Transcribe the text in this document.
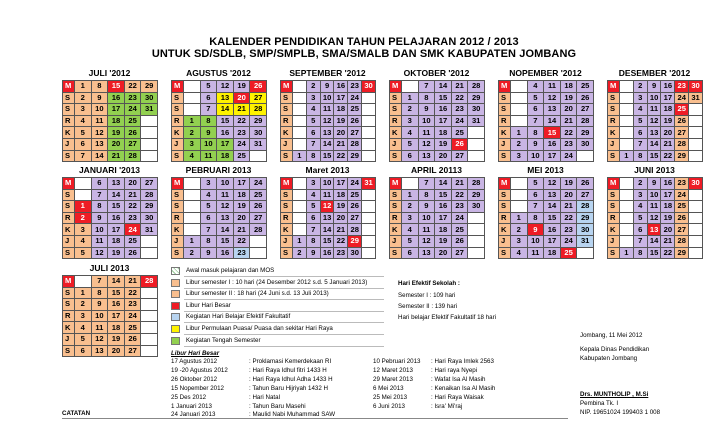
KALENDER PENDIDIKAN TAHUN PELAJARAN 2012 / 2013
UNTUK SD/SDLB, SMP/SMPLB, SMA/SMALB DAN SMK KABUPATEN JOMBANG
JULI '2012
M	1	8	15	22	29
S	2	9	16	23	30
S	3	10	17	24	31
R	4	11	18	25	
K	5	12	19	26	
J	6	13	20	27	
S	7	14	21	28	
AGUSTUS '2012
M		5	12	19	26
S		6	13	20	27
S		7	14	21	28
R	1	8	15	22	29
K	2	9	16	23	30
J	3	10	17	24	31
S	4	11	18	25	
SEPTEMBER '2012
M		2	9	16	23	30
S		3	10	17	24	
S		4	11	18	25	
R		5	12	19	26	
K		6	13	20	27	
J		7	14	21	28	
S	1	8	15	22	29	
OKTOBER '2012
M		7	14	21	28
S	1	8	15	22	29
S	2	9	16	23	30
R	3	10	17	24	31
K	4	11	18	25	
J	5	12	19	26	
S	6	13	20	27	
NOPEMBER '2012
M		4	11	18	25
S		5	12	19	26
S		6	13	20	27
R		7	14	21	28
K	1	8	15	22	29
J	2	9	16	23	30
S	3	10	17	24	
DESEMBER '2012
M		2	9	16	23	30
S		3	10	17	24	31
S		4	11	18	25	
R		5	12	19	26	
K		6	13	20	27	
J		7	14	21	28	
S	1	8	15	22	29	
JANUARI '2013
M		6	13	20	27
S		7	14	21	28
S	1	8	15	22	29
R	2	9	16	23	30
K	3	10	17	24	31
J	4	11	18	25	
S	5	12	19	26	
PEBRUARI 2013
M		3	10	17	24
S		4	11	18	25
S		5	12	19	26
R		6	13	20	27
K		7	14	21	28
J	1	8	15	22	
S	2	9	16	23	
Maret 2013
M		3	10	17	24	31
S		4	11	18	25	
S		5	12	19	26	
R		6	13	20	27	
K		7	14	21	28	
J	1	8	15	22	29	
S	2	9	16	23	30	
APRIL 20113
M		7	14	21	28
S	1	8	15	22	29
S	2	9	16	23	30
R	3	10	17	24	
K	4	11	18	25	
J	5	12	19	26	
S	6	13	20	27	
MEI 2013
M		5	12	19	26
S		6	13	20	27
S		7	14	21	28
R	1	8	15	22	29
K	2	9	16	23	30
J	3	10	17	24	31
S	4	11	18	25	
JUNI 2013
M		2	9	16	23	30
S		3	10	17	24	
S		4	11	18	25	
R		5	12	19	26	
K		6	13	20	27	
J		7	14	21	28	
S	1	8	15	22	29	
JULI 2013
M		7	14	21	28
S	1	8	15	22	
S	2	9	16	23	
R	3	10	17	24	
K	4	11	18	25	
J	5	12	19	26	
S	6	13	20	27	
Awal masuk pelajaran dan MOS
Libur semester I : 10 hari (24 Desember 2012 s.d. 5 Januari 2013)
Libur semester II : 18 hari (24 Juni s.d. 13 Juli 2013)
Libur Hari Besar
Kegiatan Hari Belajar Efektif Fakultatif
Libur Permulaan Puasa/ Puasa dan sekitar Hari Raya
Kegiatan Tengah Semester
Hari Efektif Sekolah :
Semester I : 109 hari
Semester II : 139 hari
Hari belajar Efektif Fakultatif 18 hari
Libur Hari Besar
17 Agustus 2012	: Proklamasi Kemerdekaan RI	10 Pebruari 2013 : Hari Raya Imlek 2563
19 -20 Agustus 2012	: Hari Raya Idhul fitri 1433 H	12 Maret 2013	: Hari raya Nyepi
26 Oktober 2012	: Hari Raya Idhul Adha 1433 H	29 Maret 2013	: Wafat Isa Al Masih
15 Nopember 2012	: Tahun Baru Hijriyah 1432 H	6 Mei 2013	: Kenaikan Isa Al Masih
25 Des 2012	: Hari Natal	25 Mei 2013	: Hari Raya Waisak
1 Januari 2013	: Tahun Baru Masehi	6 Juni 2013	: Isra' Mi'raj
24 Januari 2013	: Maulid Nabi Muhammad SAW
Jombang, 11 Mei 2012
Kepala Dinas Pendidikan
Kabupaten Jombang
Drs. MUNTHOLIP , M.Si
Pembina Tk. I
NIP. 19651024 199403 1 008
CATATAN
